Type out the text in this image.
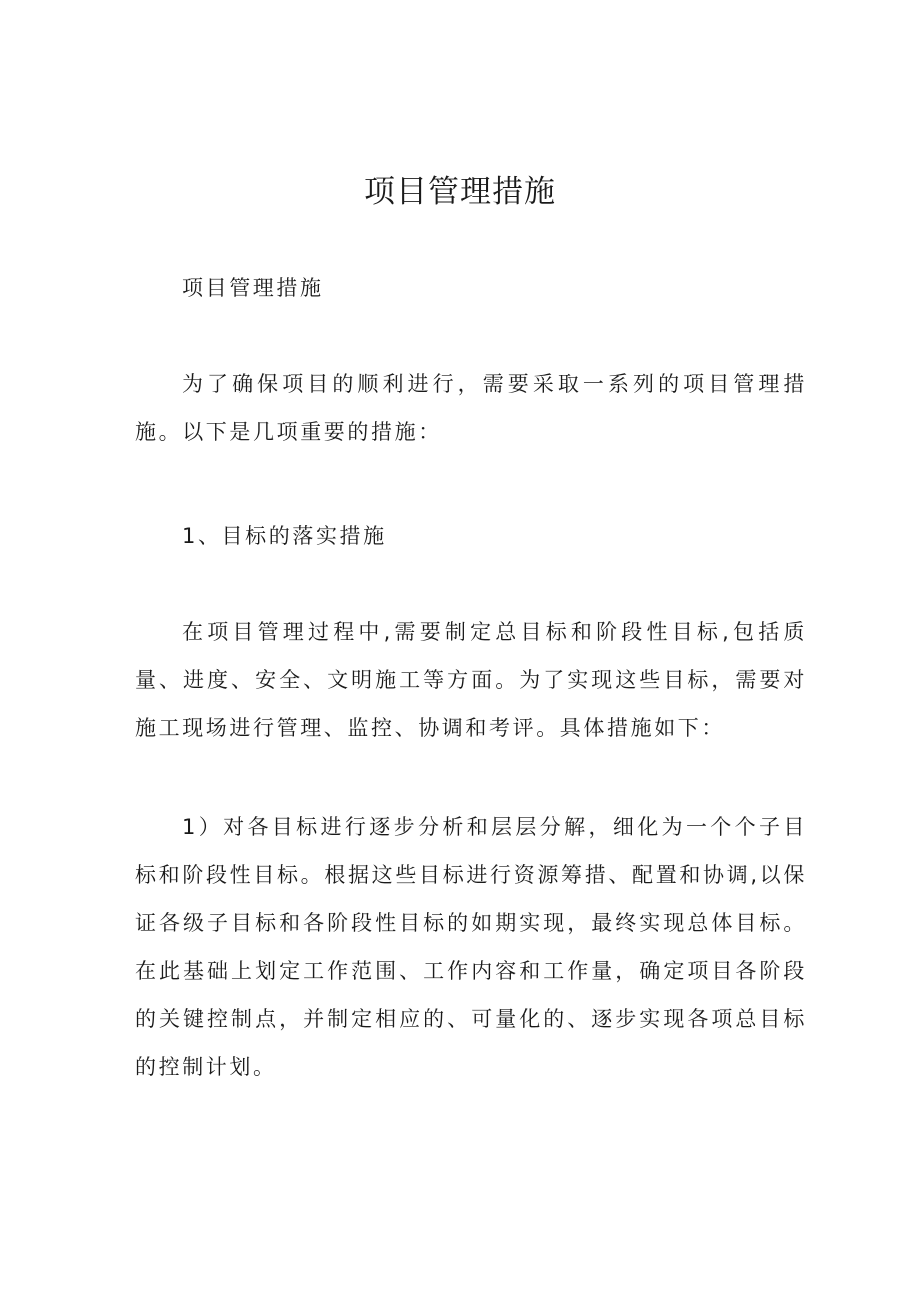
项目管理措施

项目管理措施

为了确保项目的顺利进行，需要采取一系列的项目管理措施。以下是几项重要的措施：

1、目标的落实措施

在项目管理过程中,需要制定总目标和阶段性目标,包括质量、进度、安全、文明施工等方面。为了实现这些目标，需要对施工现场进行管理、监控、协调和考评。具体措施如下：

1）对各目标进行逐步分析和层层分解，细化为一个个子目标和阶段性目标。根据这些目标进行资源筹措、配置和协调,以保证各级子目标和各阶段性目标的如期实现，最终实现总体目标。在此基础上划定工作范围、工作内容和工作量，确定项目各阶段的关键控制点，并制定相应的、可量化的、逐步实现各项总目标的控制计划。
